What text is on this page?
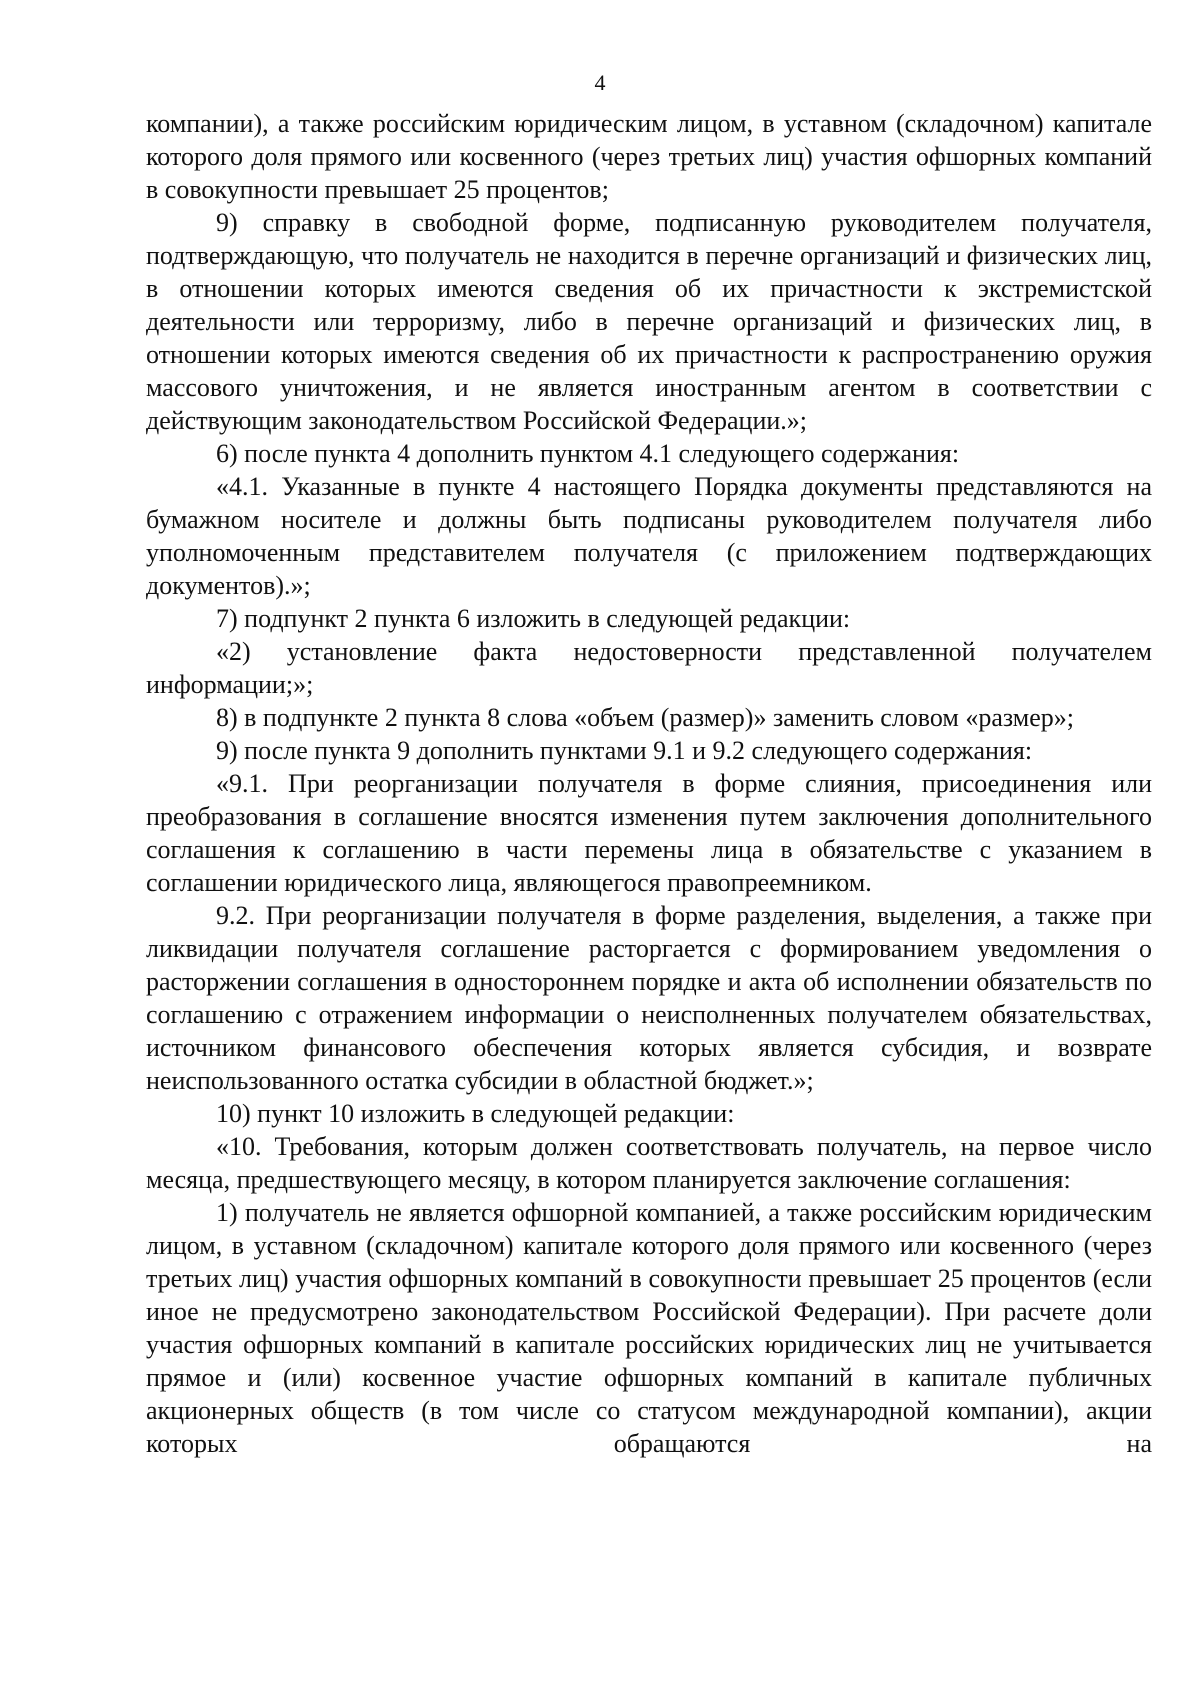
4

компании), а также российским юридическим лицом, в уставном (складочном) капитале которого доля прямого или косвенного (через третьих лиц) участия офшорных компаний в совокупности превышает 25 процентов;

9) справку в свободной форме, подписанную руководителем получателя, подтверждающую, что получатель не находится в перечне организаций и физических лиц, в отношении которых имеются сведения об их причастности к экстремистской деятельности или терроризму, либо в перечне организаций и физических лиц, в отношении которых имеются сведения об их причастности к распространению оружия массового уничтожения, и не является иностранным агентом в соответствии с действующим законодательством Российской Федерации.»;

6) после пункта 4 дополнить пунктом 4.1 следующего содержания:

«4.1. Указанные в пункте 4 настоящего Порядка документы представляются на бумажном носителе и должны быть подписаны руководителем получателя либо уполномоченным представителем получателя (с приложением подтверждающих документов).»;

7) подпункт 2 пункта 6 изложить в следующей редакции:

«2) установление факта недостоверности представленной получателем информации;»;

8) в подпункте 2 пункта 8 слова «объем (размер)» заменить словом «размер»;

9) после пункта 9 дополнить пунктами 9.1 и 9.2 следующего содержания:

«9.1. При реорганизации получателя в форме слияния, присоединения или преобразования в соглашение вносятся изменения путем заключения дополнительного соглашения к соглашению в части перемены лица в обязательстве с указанием в соглашении юридического лица, являющегося правопреемником.

9.2. При реорганизации получателя в форме разделения, выделения, а также при ликвидации получателя соглашение расторгается с формированием уведомления о расторжении соглашения в одностороннем порядке и акта об исполнении обязательств по соглашению с отражением информации о неисполненных получателем обязательствах, источником финансового обеспечения которых является субсидия, и возврате неиспользованного остатка субсидии в областной бюджет.»;

10) пункт 10 изложить в следующей редакции:

«10. Требования, которым должен соответствовать получатель, на первое число месяца, предшествующего месяцу, в котором планируется заключение соглашения:

1) получатель не является офшорной компанией, а также российским юридическим лицом, в уставном (складочном) капитале которого доля прямого или косвенного (через третьих лиц) участия офшорных компаний в совокупности превышает 25 процентов (если иное не предусмотрено законодательством Российской Федерации). При расчете доли участия офшорных компаний в капитале российских юридических лиц не учитывается прямое и (или) косвенное участие офшорных компаний в капитале публичных акционерных обществ (в том числе со статусом международной компании), акции которых обращаются на
